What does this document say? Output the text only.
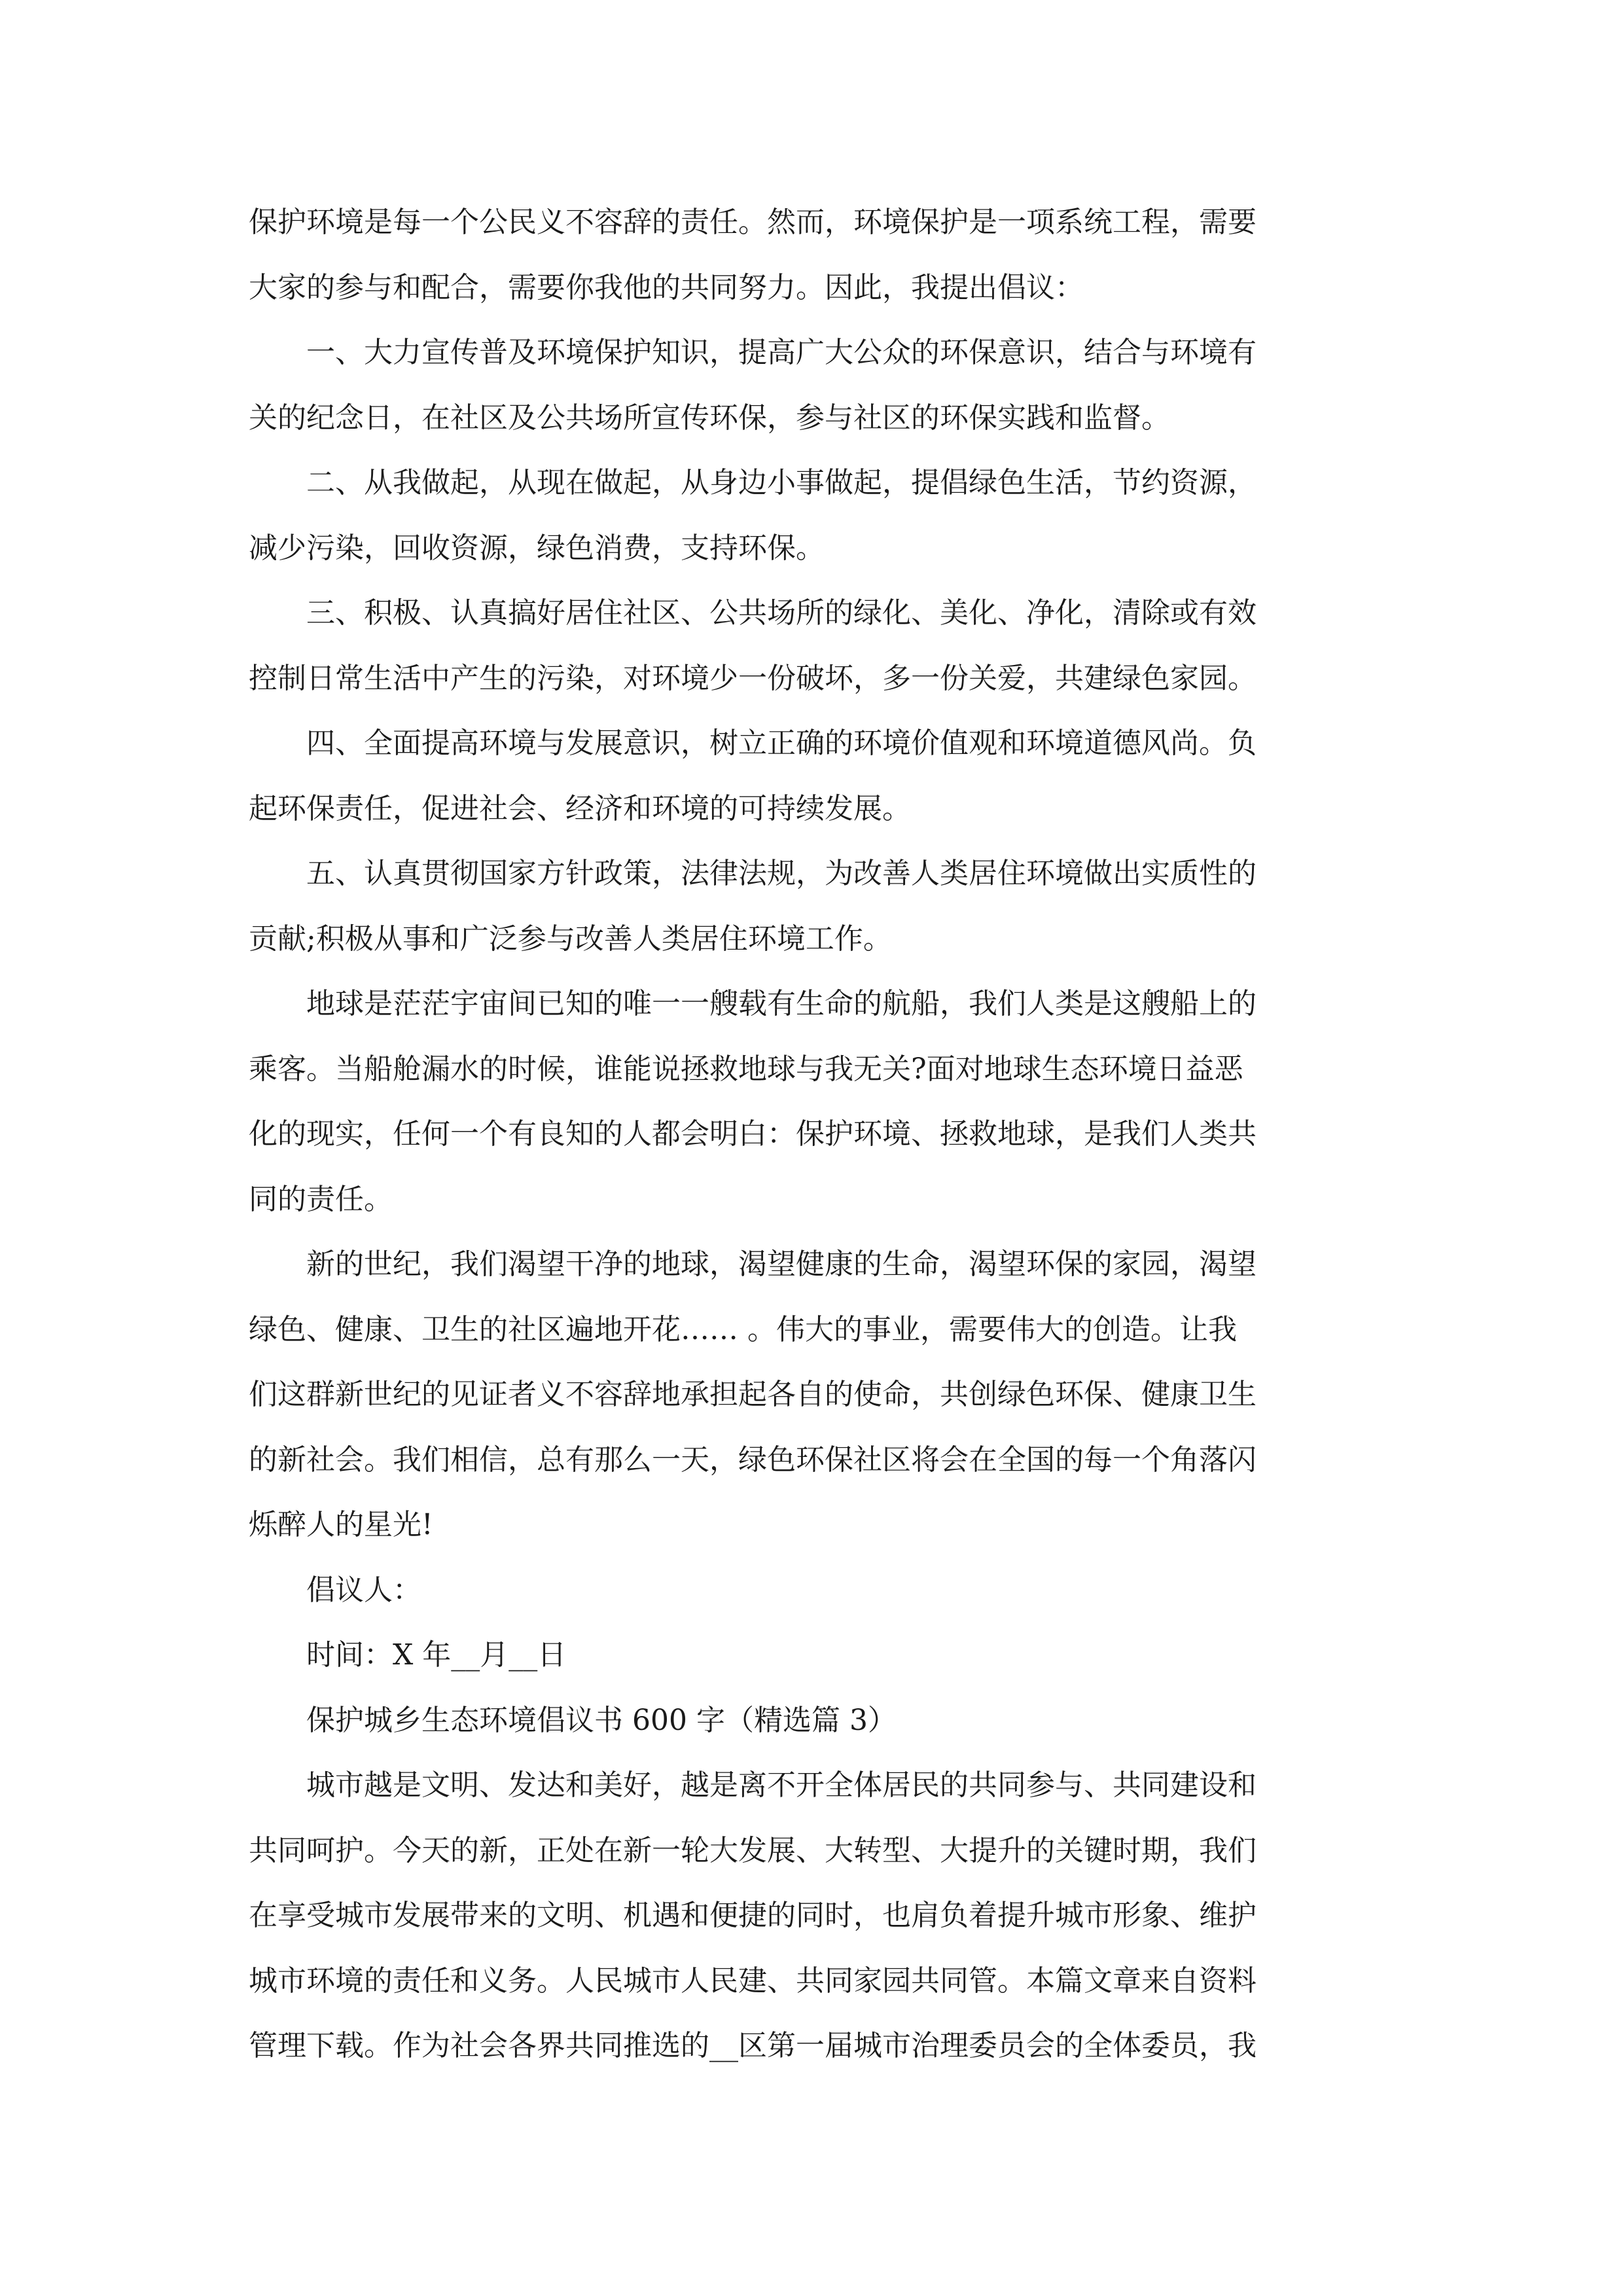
保护环境是每一个公民义不容辞的责任。然而，环境保护是一项系统工程，需要
大家的参与和配合，需要你我他的共同努力。因此，我提出倡议：
一、大力宣传普及环境保护知识，提高广大公众的环保意识，结合与环境有
关的纪念日，在社区及公共场所宣传环保，参与社区的环保实践和监督。
二、从我做起，从现在做起，从身边小事做起，提倡绿色生活，节约资源，
减少污染，回收资源，绿色消费，支持环保。
三、积极、认真搞好居住社区、公共场所的绿化、美化、净化，清除或有效
控制日常生活中产生的污染，对环境少一份破坏，多一份关爱，共建绿色家园。
四、全面提高环境与发展意识，树立正确的环境价值观和环境道德风尚。负
起环保责任，促进社会、经济和环境的可持续发展。
五、认真贯彻国家方针政策，法律法规，为改善人类居住环境做出实质性的
贡献;积极从事和广泛参与改善人类居住环境工作。
地球是茫茫宇宙间已知的唯一一艘载有生命的航船，我们人类是这艘船上的
乘客。当船舱漏水的时候，谁能说拯救地球与我无关?面对地球生态环境日益恶
化的现实，任何一个有良知的人都会明白：保护环境、拯救地球，是我们人类共
同的责任。
新的世纪，我们渴望干净的地球，渴望健康的生命，渴望环保的家园，渴望
绿色、健康、卫生的社区遍地开花…… 。伟大的事业，需要伟大的创造。让我
们这群新世纪的见证者义不容辞地承担起各自的使命，共创绿色环保、健康卫生
的新社会。我们相信，总有那么一天，绿色环保社区将会在全国的每一个角落闪
烁醉人的星光!
倡议人：
时间：X 年__月__日
保护城乡生态环境倡议书 600 字（精选篇 3）
城市越是文明、发达和美好，越是离不开全体居民的共同参与、共同建设和
共同呵护。今天的新，正处在新一轮大发展、大转型、大提升的关键时期，我们
在享受城市发展带来的文明、机遇和便捷的同时，也肩负着提升城市形象、维护
城市环境的责任和义务。人民城市人民建、共同家园共同管。本篇文章来自资料
管理下载。作为社会各界共同推选的__区第一届城市治理委员会的全体委员，我
